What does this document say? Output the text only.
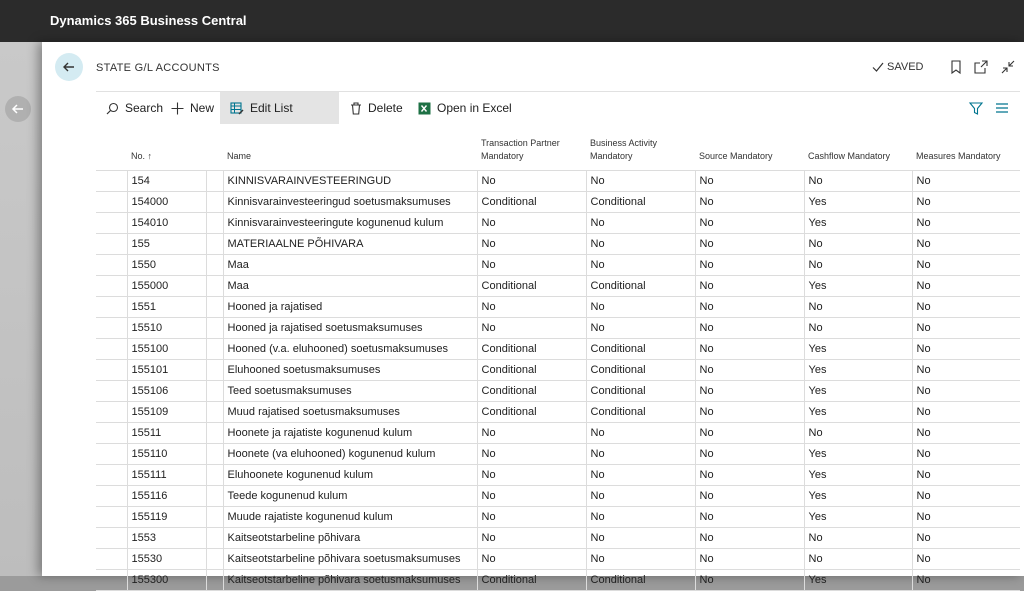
Dynamics 365 Business Central
STATE G/L ACCOUNTS	SAVED
Search New	Edit List	Delete	Open in Excel
No. ↑			Name	Transaction Partner Mandatory	Business Activity Mandatory	Source Mandatory	Cashflow Mandatory	Measures Mandatory
	154		KINNISVARAINVESTEERINGUD	No	No	No	No	No
	154000		Kinnisvarainvesteeringud soetusmaksumuses	Conditional	Conditional	No	Yes	No
	154010		Kinnisvarainvesteeringute kogunenud kulum	No	No	No	Yes	No
	155		MATERIAALNE PÕHIVARA	No	No	No	No	No
	1550		Maa	No	No	No	No	No
	155000		Maa	Conditional	Conditional	No	Yes	No
	1551		Hooned ja rajatised	No	No	No	No	No
	15510		Hooned ja rajatised soetusmaksumuses	No	No	No	No	No
	155100		Hooned (v.a. eluhooned) soetusmaksumuses	Conditional	Conditional	No	Yes	No
	155101		Eluhooned soetusmaksumuses	Conditional	Conditional	No	Yes	No
	155106		Teed soetusmaksumuses	Conditional	Conditional	No	Yes	No
	155109		Muud rajatised soetusmaksumuses	Conditional	Conditional	No	Yes	No
	15511		Hoonete ja rajatiste kogunenud kulum	No	No	No	No	No
	155110		Hoonete (va eluhooned) kogunenud kulum	No	No	No	Yes	No
	155111		Eluhoonete kogunenud kulum	No	No	No	Yes	No
	155116		Teede kogunenud kulum	No	No	No	Yes	No
	155119		Muude rajatiste kogunenud kulum	No	No	No	Yes	No
	1553		Kaitseotstarbeline põhivara	No	No	No	No	No
	15530		Kaitseotstarbeline põhivara soetusmaksumuses	No	No	No	No	No
	155300		Kaitseotstarbeline põhivara soetusmaksumuses	Conditional	Conditional	No	Yes	No
